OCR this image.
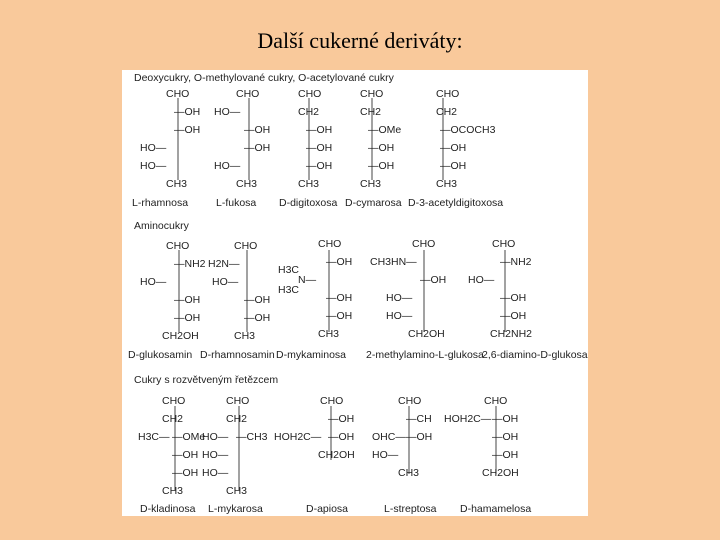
Další cukerné deriváty:
Deoxycukry, O-methylované cukry, O-acetylované cukry
CHO
—OH
—OH
HO—
HO—
CH3
CHO
HO—
—OH
—OH
HO—
CH3
CHO
CH2
—OH
—OH
—OH
CH3
CHO
CH2
—OMe
—OH
—OH
CH3
CHO
CH2
—OCOCH3
—OH
—OH
CH3
L-rhamnosa	L-fukosa D-digitoxosa D-cymarosa D-3-acetyldigitoxosa
Aminocukry
CHO
—NH2
HO—
—OH
—OH
CH2OH
CHO
H2N—
HO—
—OH
—OH
CH3
CHO
—OH
H3C
N—
H3C
—OH
—OH
CH3
CHO
CH3HN—
—OH
HO—
HO—
CH2OH
CHO
—NH2
HO—
—OH
—OH
CH2NH2
D-glukosamin D-rhamnosamin D-mykaminosa 2-methylamino-L-glukosa
2,6-diamino-D-glukosa
Cukry s rozvětveným řetězcem
CHO
CH2
H3C— —OMe
—OH
—OH
CH3
CHO
CH2
HO— —CH3
HO—
HO—
CH3
CHO
—OH
HOH2C— —OH
CH2OH
CHO
—CH
OHC— —OH
HO—
CH3
CHO
HOH2C— —OH
—OH
—OH
CH2OH
D-kladinosa L-mykarosa	D-apiosa	L-streptosa D-hamamelosa
